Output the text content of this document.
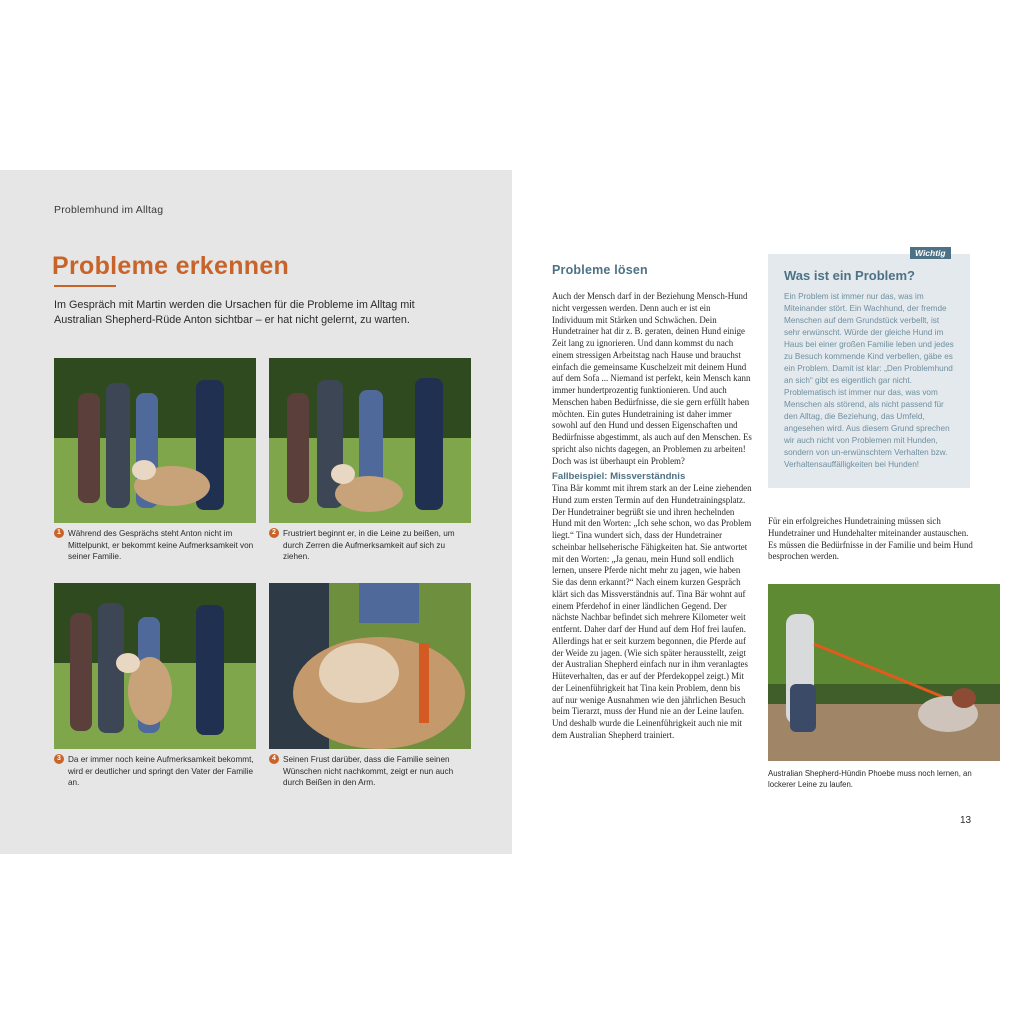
Problemhund im Alltag
Probleme erkennen
Im Gespräch mit Martin werden die Ursachen für die Probleme im Alltag mit Australian Shepherd-Rüde Anton sichtbar – er hat nicht gelernt, zu warten.
1 Während des Gesprächs steht Anton nicht im Mittelpunkt, er bekommt keine Aufmerksamkeit von seiner Familie.
2 Frustriert beginnt er, in die Leine zu beißen, um durch Zerren die Aufmerksamkeit auf sich zu ziehen.
3 Da er immer noch keine Aufmerksamkeit bekommt, wird er deutlicher und springt den Vater der Familie an.
4 Seinen Frust darüber, dass die Familie seinen Wünschen nicht nachkommt, zeigt er nun auch durch Beißen in den Arm.
Probleme lösen
Auch der Mensch darf in der Beziehung Mensch-Hund nicht vergessen werden. Denn auch er ist ein Individuum mit Stärken und Schwächen. Dein Hundetrainer hat dir z. B. geraten, deinen Hund einige Zeit lang zu ignorieren. Und dann kommst du nach einem stressigen Arbeitstag nach Hause und brauchst einfach die gemeinsame Kuschelzeit mit deinem Hund auf dem Sofa ... Niemand ist perfekt, kein Mensch kann immer hundertprozentig funktionieren. Und auch Menschen haben Bedürfnisse, die sie gern erfüllt haben möchten. Ein gutes Hundetraining ist daher immer sowohl auf den Hund und dessen Eigenschaften und Bedürfnisse abgestimmt, als auch auf den Menschen. Es spricht also nichts dagegen, an Problemen zu arbeiten! Doch was ist überhaupt ein Problem?
Fallbeispiel: Missverständnis
Tina Bär kommt mit ihrem stark an der Leine ziehenden Hund zum ersten Termin auf den Hundetrainingsplatz. Der Hundetrainer begrüßt sie und ihren hechelnden Hund mit den Worten: „Ich sehe schon, wo das Problem liegt.“ Tina wundert sich, dass der Hundetrainer scheinbar hellseherische Fähigkeiten hat. Sie antwortet mit den Worten: „Ja genau, mein Hund soll endlich lernen, unsere Pferde nicht mehr zu jagen, wie haben Sie das denn erkannt?“ Nach einem kurzen Gespräch klärt sich das Missverständnis auf. Tina Bär wohnt auf einem Pferdehof in einer ländlichen Gegend. Der nächste Nachbar befindet sich mehrere Kilometer weit entfernt. Daher darf der Hund auf dem Hof frei laufen. Allerdings hat er seit kurzem begonnen, die Pferde auf der Weide zu jagen. (Wie sich später herausstellt, zeigt der Australian Shepherd einfach nur in ihm veranlagtes Hüteverhalten, das er auf der Pferdekoppel zeigt.) Mit der Leinenführigkeit hat Tina kein Problem, denn bis auf nur wenige Ausnahmen wie den jährlichen Besuch beim Tierarzt, muss der Hund nie an der Leine laufen. Und deshalb wurde die Leinenführigkeit auch nie mit dem Australian Shepherd trainiert.
Was ist ein Problem?
Ein Problem ist immer nur das, was im Miteinander stört. Ein Wachhund, der fremde Menschen auf dem Grundstück verbellt, ist sehr erwünscht. Würde der gleiche Hund im Haus bei einer großen Familie leben und jedes zu Besuch kommende Kind verbellen, gäbe es ein Problem. Damit ist klar: „Den Problemhund an sich“ gibt es eigentlich gar nicht. Problematisch ist immer nur das, was vom Menschen als störend, als nicht passend für den Alltag, die Beziehung, das Umfeld, angesehen wird. Aus diesem Grund sprechen wir auch nicht von Problemen mit Hunden, sondern von un-erwünschtem Verhalten bzw. Verhaltensauffälligkeiten bei Hunden!
Wichtig
Für ein erfolgreiches Hundetraining müssen sich Hundetrainer und Hundehalter miteinander austauschen. Es müssen die Bedürfnisse in der Familie und beim Hund besprochen werden.
Australian Shepherd-Hündin Phoebe muss noch lernen, an lockerer Leine zu laufen.
13
